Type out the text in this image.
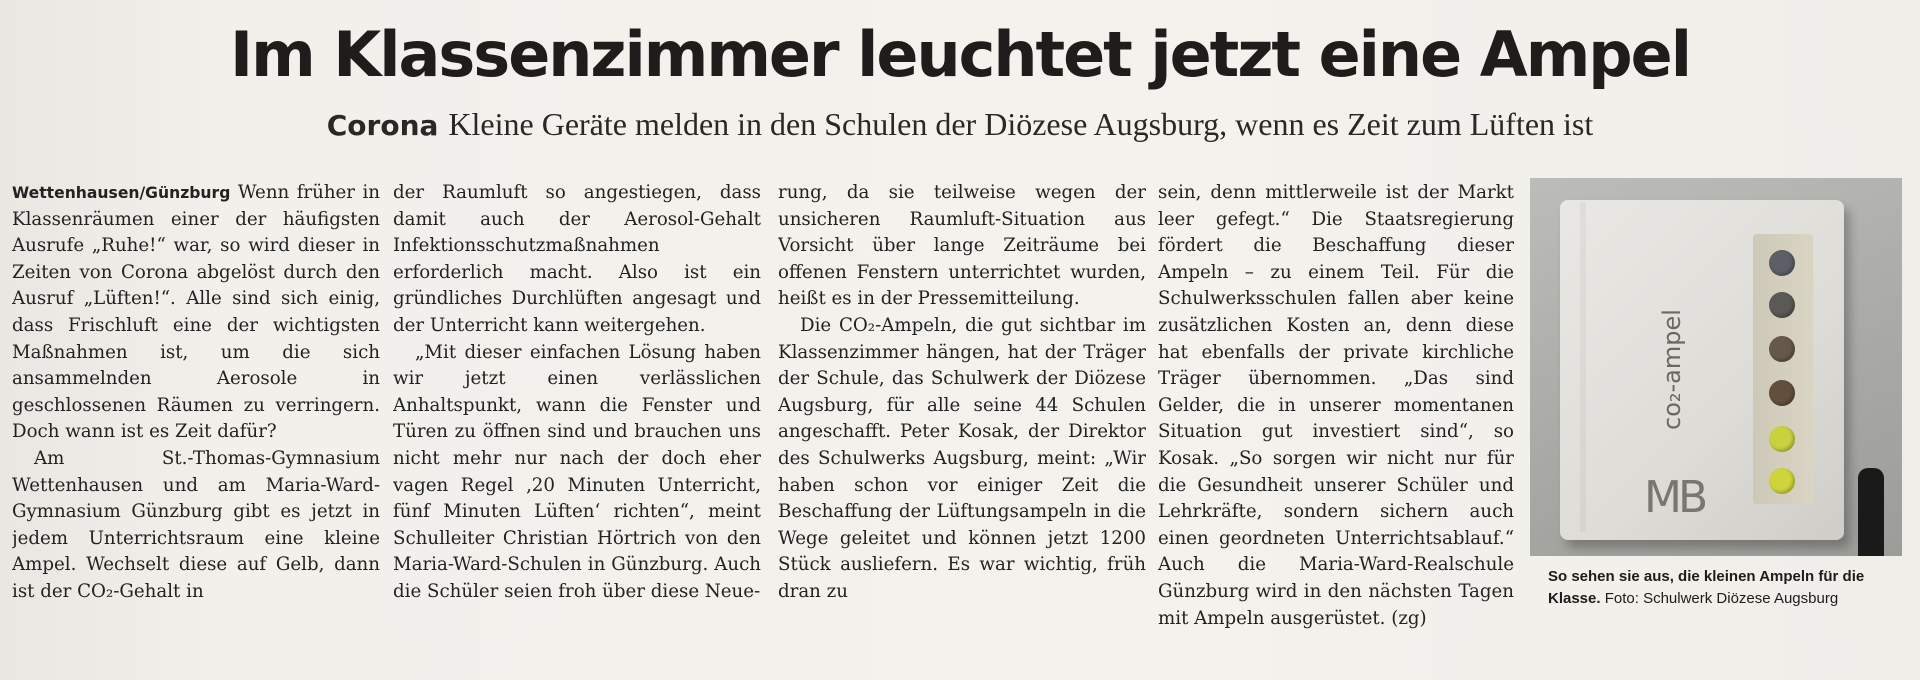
Im Klassenzimmer leuchtet jetzt eine Ampel
Corona Kleine Geräte melden in den Schulen der Diözese Augsburg, wenn es Zeit zum Lüften ist

Wettenhausen/Günzburg Wenn früher in Klassenräumen einer der häufigsten Ausrufe „Ruhe!“ war, so wird dieser in Zeiten von Corona abgelöst durch den Ausruf „Lüften!“. Alle sind sich einig, dass Frischluft eine der wichtigsten Maßnahmen ist, um die sich ansammelnden Aerosole in geschlossenen Räumen zu verringern. Doch wann ist es Zeit dafür?

Am St.-Thomas-Gymnasium Wettenhausen und am Maria-Ward-Gymnasium Günzburg gibt es jetzt in jedem Unterrichtsraum eine kleine Ampel. Wechselt diese auf Gelb, dann ist der CO₂-Gehalt in

der Raumluft so angestiegen, dass damit auch der Aerosol-Gehalt Infektionsschutzmaßnahmen erforderlich macht. Also ist ein gründliches Durchlüften angesagt und der Unterricht kann weitergehen.

„Mit dieser einfachen Lösung haben wir jetzt einen verlässlichen Anhaltspunkt, wann die Fenster und Türen zu öffnen sind und brauchen uns nicht mehr nur nach der doch eher vagen Regel ‚20 Minuten Unterricht, fünf Minuten Lüften‘ richten“, meint Schulleiter Christian Hörtrich von den Maria-Ward-Schulen in Günzburg. Auch die Schüler seien froh über diese Neue-

rung, da sie teilweise wegen der unsicheren Raumluft-Situation aus Vorsicht über lange Zeiträume bei offenen Fenstern unterrichtet wurden, heißt es in der Pressemitteilung.

Die CO₂-Ampeln, die gut sichtbar im Klassenzimmer hängen, hat der Träger der Schule, das Schulwerk der Diözese Augsburg, für alle seine 44 Schulen angeschafft. Peter Kosak, der Direktor des Schulwerks Augsburg, meint: „Wir haben schon vor einiger Zeit die Beschaffung der Lüftungsampeln in die Wege geleitet und können jetzt 1200 Stück ausliefern. Es war wichtig, früh dran zu

sein, denn mittlerweile ist der Markt leer gefegt.“ Die Staatsregierung fördert die Beschaffung dieser Ampeln – zu einem Teil. Für die Schulwerksschulen fallen aber keine zusätzlichen Kosten an, denn diese hat ebenfalls der private kirchliche Träger übernommen. „Das sind Gelder, die in unserer momentanen Situation gut investiert sind“, so Kosak. „So sorgen wir nicht nur für die Gesundheit unserer Schüler und Lehrkräfte, sondern sichern auch einen geordneten Unterrichtsablauf.“ Auch die Maria-Ward-Realschule Günzburg wird in den nächsten Tagen mit Ampeln ausgerüstet. (zg)

co₂-ampel
MB
So sehen sie aus, die kleinen Ampeln für die Klasse. Foto: Schulwerk Diözese Augsburg
